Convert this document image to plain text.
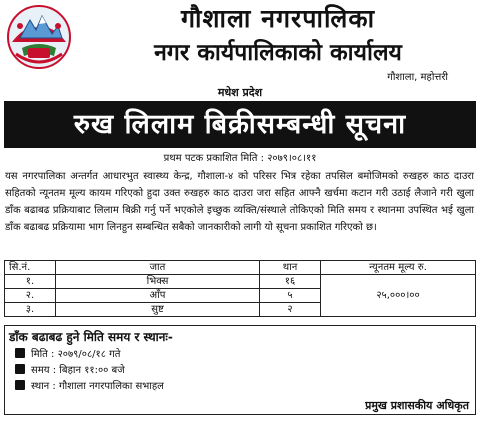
गौशाला नगरपालिका
नगर कार्यपालिकाको कार्यालय
गौशाला, महोत्तरी
मधेश प्रदेश
रुख लिलाम बिक्रीसम्बन्धी सूचना
प्रथम पटक प्रकाशित मिति : २०७९।०८।११
यस नगरपालिका अन्तर्गत आधारभुत स्वास्थ्य केन्द्र, गौशाला-४ को परिसर भित्र रहेका तपसिल बमोजिमको रुखहरु काठ दाउरा सहितको न्यूनतम मूल्य कायम गरिएको हुदा उक्त रुखहरु काठ दाउरा जरा सहित आफ्नै खर्चमा कटान गरी उठाई लैजाने गरी खुला डाँक बढाबढ प्रक्रियाबाट लिलाम बिक्री गर्नु पर्ने भएकोले इच्छुक व्यक्ति/संस्थाले तोकिएको मिति समय र स्थानमा उपस्थित भई खुला डाँक बढाबढ प्रक्रियामा भाग लिनहुन सम्बन्धित सबैको जानकारीको लागी यो सूचना प्रकाशित गरिएको छ।
सि.नं.	जात	थान	न्यूनतम मूल्य रु.
१.	भिक्स	१६	२५,०००।००
२.	आँप	५	
३.	सुष्ट	२	
डाँक बढाबढ हुने मिति समय र स्थानः-
मिति : २०७९/०८/१८ गते
समय : बिहान ११:०० बजे
स्थान : गौशाला नगरपालिका सभाहल
प्रमुख प्रशासकीय अधिकृत
